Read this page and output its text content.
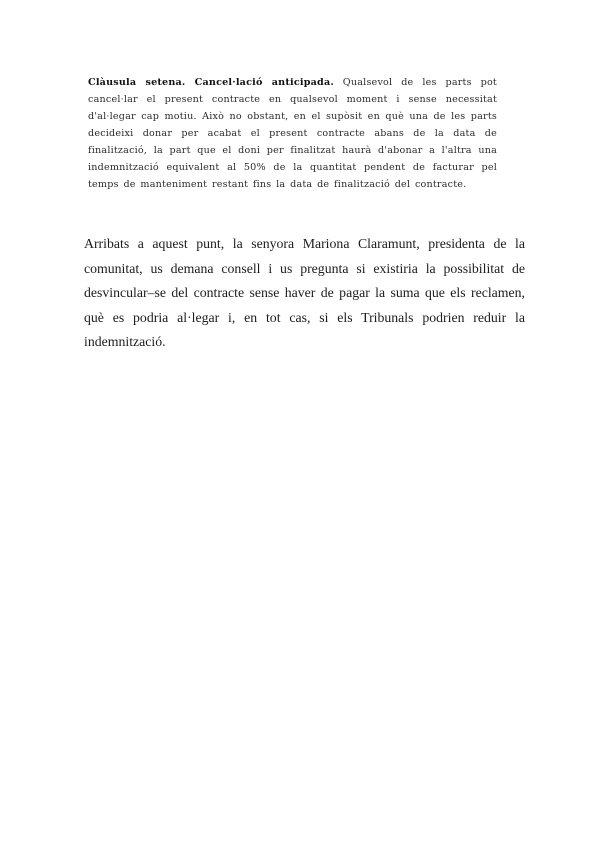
Clàusula setena. Cancel·lació anticipada. Qualsevol de les parts pot cancel·lar el present contracte en qualsevol moment i sense necessitat d'al·legar cap motiu. Això no obstant, en el supòsit en què una de les parts decideixi donar per acabat el present contracte abans de la data de finalització, la part que el doni per finalitzat haurà d'abonar a l'altra una indemnització equivalent al 50% de la quantitat pendent de facturar pel temps de manteniment restant fins la data de finalització del contracte.
Arribats a aquest punt, la senyora Mariona Claramunt, presidenta de la comunitat, us demana consell i us pregunta si existiria la possibilitat de desvincular–se del contracte sense haver de pagar la suma que els reclamen, què es podria al·legar i, en tot cas, si els Tribunals podrien reduir la indemnització.
